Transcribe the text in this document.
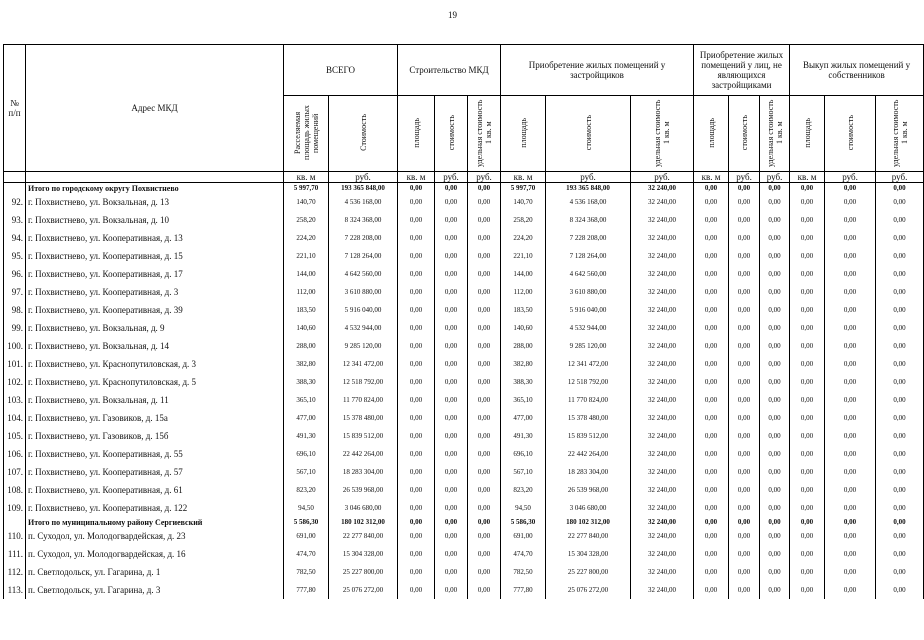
19
№ п/п	Адрес МКД	ВСЕГО		Строительство МКД			Приобретение жилых помещений у застройщиков			Приобретение жилых помещений у лиц, не являющихся застройщиками			Выкуп жилых помещений у собственников		
		Расселяемая площадь жилых помещений	Стоимость	площадь	стоимость	удельная стоимость 1 кв. м	площадь	стоимость	удельная стоимость 1 кв. м	площадь	стоимость	удельная стоимость 1 кв. м	площадь	стоимость	удельная стоимость 1 кв. м
		кв. м	руб.	кв. м	руб.	руб.	кв. м	руб.	руб.	кв. м	руб.	руб.	кв. м	руб.	руб.
	Итого по городскому округу Похвистнево	5 997,70	193 365 848,00	0,00	0,00	0,00	5 997,70	193 365 848,00	32 240,00	0,00	0,00	0,00	0,00	0,00	0,00
92.	г. Похвистнево, ул. Вокзальная, д. 13	140,70	4 536 168,00	0,00	0,00	0,00	140,70	4 536 168,00	32 240,00	0,00	0,00	0,00	0,00	0,00	0,00
93.	г. Похвистнево, ул. Вокзальная, д. 10	258,20	8 324 368,00	0,00	0,00	0,00	258,20	8 324 368,00	32 240,00	0,00	0,00	0,00	0,00	0,00	0,00
94.	г. Похвистнево, ул. Кооперативная, д. 13	224,20	7 228 208,00	0,00	0,00	0,00	224,20	7 228 208,00	32 240,00	0,00	0,00	0,00	0,00	0,00	0,00
95.	г. Похвистнево, ул. Кооперативная, д. 15	221,10	7 128 264,00	0,00	0,00	0,00	221,10	7 128 264,00	32 240,00	0,00	0,00	0,00	0,00	0,00	0,00
96.	г. Похвистнево, ул. Кооперативная, д. 17	144,00	4 642 560,00	0,00	0,00	0,00	144,00	4 642 560,00	32 240,00	0,00	0,00	0,00	0,00	0,00	0,00
97.	г. Похвистнево, ул. Кооперативная, д. 3	112,00	3 610 880,00	0,00	0,00	0,00	112,00	3 610 880,00	32 240,00	0,00	0,00	0,00	0,00	0,00	0,00
98.	г. Похвистнево, ул. Кооперативная, д. 39	183,50	5 916 040,00	0,00	0,00	0,00	183,50	5 916 040,00	32 240,00	0,00	0,00	0,00	0,00	0,00	0,00
99.	г. Похвистнево, ул. Вокзальная, д. 9	140,60	4 532 944,00	0,00	0,00	0,00	140,60	4 532 944,00	32 240,00	0,00	0,00	0,00	0,00	0,00	0,00
100.	г. Похвистнево, ул. Вокзальная, д. 14	288,00	9 285 120,00	0,00	0,00	0,00	288,00	9 285 120,00	32 240,00	0,00	0,00	0,00	0,00	0,00	0,00
101.	г. Похвистнево, ул. Краснопутиловская, д. 3	382,80	12 341 472,00	0,00	0,00	0,00	382,80	12 341 472,00	32 240,00	0,00	0,00	0,00	0,00	0,00	0,00
102.	г. Похвистнево, ул. Краснопутиловская, д. 5	388,30	12 518 792,00	0,00	0,00	0,00	388,30	12 518 792,00	32 240,00	0,00	0,00	0,00	0,00	0,00	0,00
103.	г. Похвистнево, ул. Вокзальная, д. 11	365,10	11 770 824,00	0,00	0,00	0,00	365,10	11 770 824,00	32 240,00	0,00	0,00	0,00	0,00	0,00	0,00
104.	г. Похвистнево, ул. Газовиков, д. 15а	477,00	15 378 480,00	0,00	0,00	0,00	477,00	15 378 480,00	32 240,00	0,00	0,00	0,00	0,00	0,00	0,00
105.	г. Похвистнево, ул. Газовиков, д. 15б	491,30	15 839 512,00	0,00	0,00	0,00	491,30	15 839 512,00	32 240,00	0,00	0,00	0,00	0,00	0,00	0,00
106.	г. Похвистнево, ул. Кооперативная, д. 55	696,10	22 442 264,00	0,00	0,00	0,00	696,10	22 442 264,00	32 240,00	0,00	0,00	0,00	0,00	0,00	0,00
107.	г. Похвистнево, ул. Кооперативная, д. 57	567,10	18 283 304,00	0,00	0,00	0,00	567,10	18 283 304,00	32 240,00	0,00	0,00	0,00	0,00	0,00	0,00
108.	г. Похвистнево, ул. Кооперативная, д. 61	823,20	26 539 968,00	0,00	0,00	0,00	823,20	26 539 968,00	32 240,00	0,00	0,00	0,00	0,00	0,00	0,00
109.	г. Похвистнево, ул. Кооперативная, д. 122	94,50	3 046 680,00	0,00	0,00	0,00	94,50	3 046 680,00	32 240,00	0,00	0,00	0,00	0,00	0,00	0,00
	Итого по муниципальному району Сергиевский	5 586,30	180 102 312,00	0,00	0,00	0,00	5 586,30	180 102 312,00	32 240,00	0,00	0,00	0,00	0,00	0,00	0,00
110.	п. Суходол, ул. Молодогвардейская, д. 23	691,00	22 277 840,00	0,00	0,00	0,00	691,00	22 277 840,00	32 240,00	0,00	0,00	0,00	0,00	0,00	0,00
111.	п. Суходол, ул. Молодогвардейская, д. 16	474,70	15 304 328,00	0,00	0,00	0,00	474,70	15 304 328,00	32 240,00	0,00	0,00	0,00	0,00	0,00	0,00
112.	п. Светлодольск, ул. Гагарина, д. 1	782,50	25 227 800,00	0,00	0,00	0,00	782,50	25 227 800,00	32 240,00	0,00	0,00	0,00	0,00	0,00	0,00
113.	п. Светлодольск, ул. Гагарина, д. 3	777,80	25 076 272,00	0,00	0,00	0,00	777,80	25 076 272,00	32 240,00	0,00	0,00	0,00	0,00	0,00	0,00
